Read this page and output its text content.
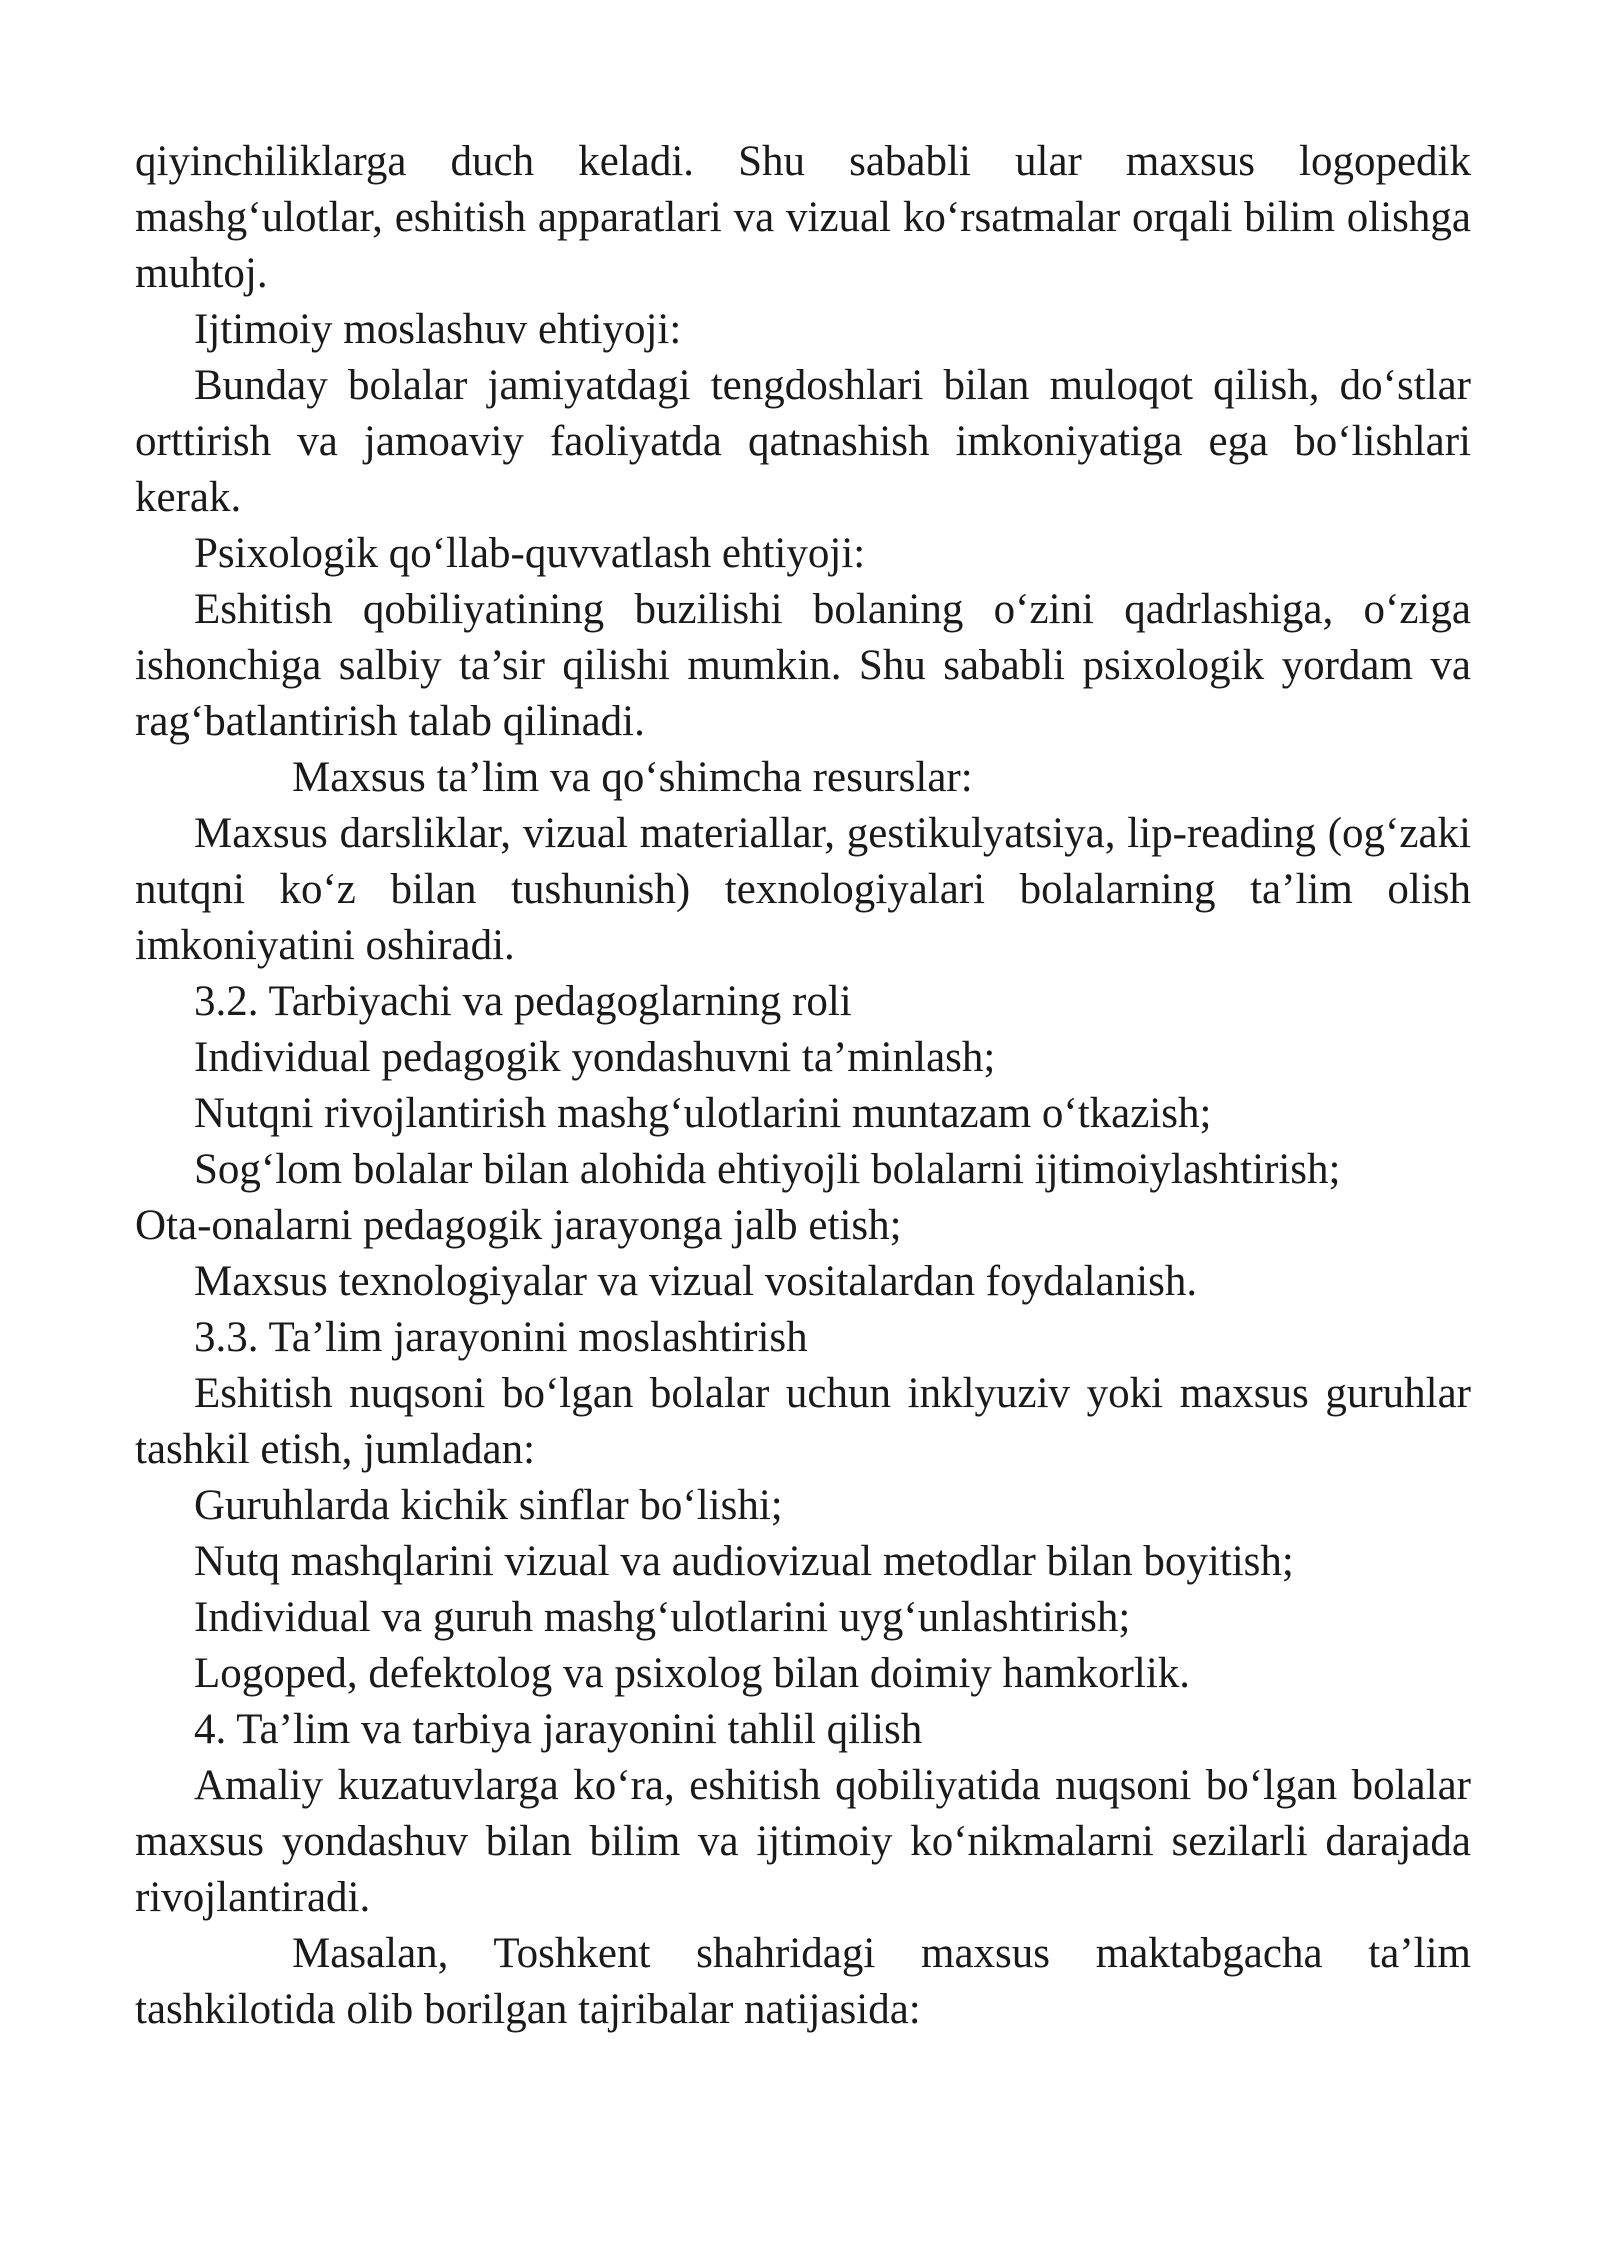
qiyinchiliklarga duch keladi. Shu sababli ular maxsus logopedik mashg‘ulotlar, eshitish apparatlari va vizual ko‘rsatmalar orqali bilim olishga muhtoj.

Ijtimoiy moslashuv ehtiyoji:

Bunday bolalar jamiyatdagi tengdoshlari bilan muloqot qilish, do‘stlar orttirish va jamoaviy faoliyatda qatnashish imkoniyatiga ega bo‘lishlari kerak.

Psixologik qo‘llab-quvvatlash ehtiyoji:

Eshitish qobiliyatining buzilishi bolaning o‘zini qadrlashiga, o‘ziga ishonchiga salbiy ta’sir qilishi mumkin. Shu sababli psixologik yordam va rag‘batlantirish talab qilinadi.

Maxsus ta’lim va qo‘shimcha resurslar:

Maxsus darsliklar, vizual materiallar, gestikulyatsiya, lip-reading (og‘zaki nutqni ko‘z bilan tushunish) texnologiyalari bolalarning ta’lim olish imkoniyatini oshiradi.

3.2. Tarbiyachi va pedagoglarning roli

Individual pedagogik yondashuvni ta’minlash;

Nutqni rivojlantirish mashg‘ulotlarini muntazam o‘tkazish;

Sog‘lom bolalar bilan alohida ehtiyojli bolalarni ijtimoiylashtirish;

Ota-onalarni pedagogik jarayonga jalb etish;

Maxsus texnologiyalar va vizual vositalardan foydalanish.

3.3. Ta’lim jarayonini moslashtirish

Eshitish nuqsoni bo‘lgan bolalar uchun inklyuziv yoki maxsus guruhlar tashkil etish, jumladan:

Guruhlarda kichik sinflar bo‘lishi;

Nutq mashqlarini vizual va audiovizual metodlar bilan boyitish;

Individual va guruh mashg‘ulotlarini uyg‘unlashtirish;

Logoped, defektolog va psixolog bilan doimiy hamkorlik.

4. Ta’lim va tarbiya jarayonini tahlil qilish

Amaliy kuzatuvlarga ko‘ra, eshitish qobiliyatida nuqsoni bo‘lgan bolalar maxsus yondashuv bilan bilim va ijtimoiy ko‘nikmalarni sezilarli darajada rivojlantiradi.

Masalan, Toshkent shahridagi maxsus maktabgacha ta’lim tashkilotida olib borilgan tajribalar natijasida:
